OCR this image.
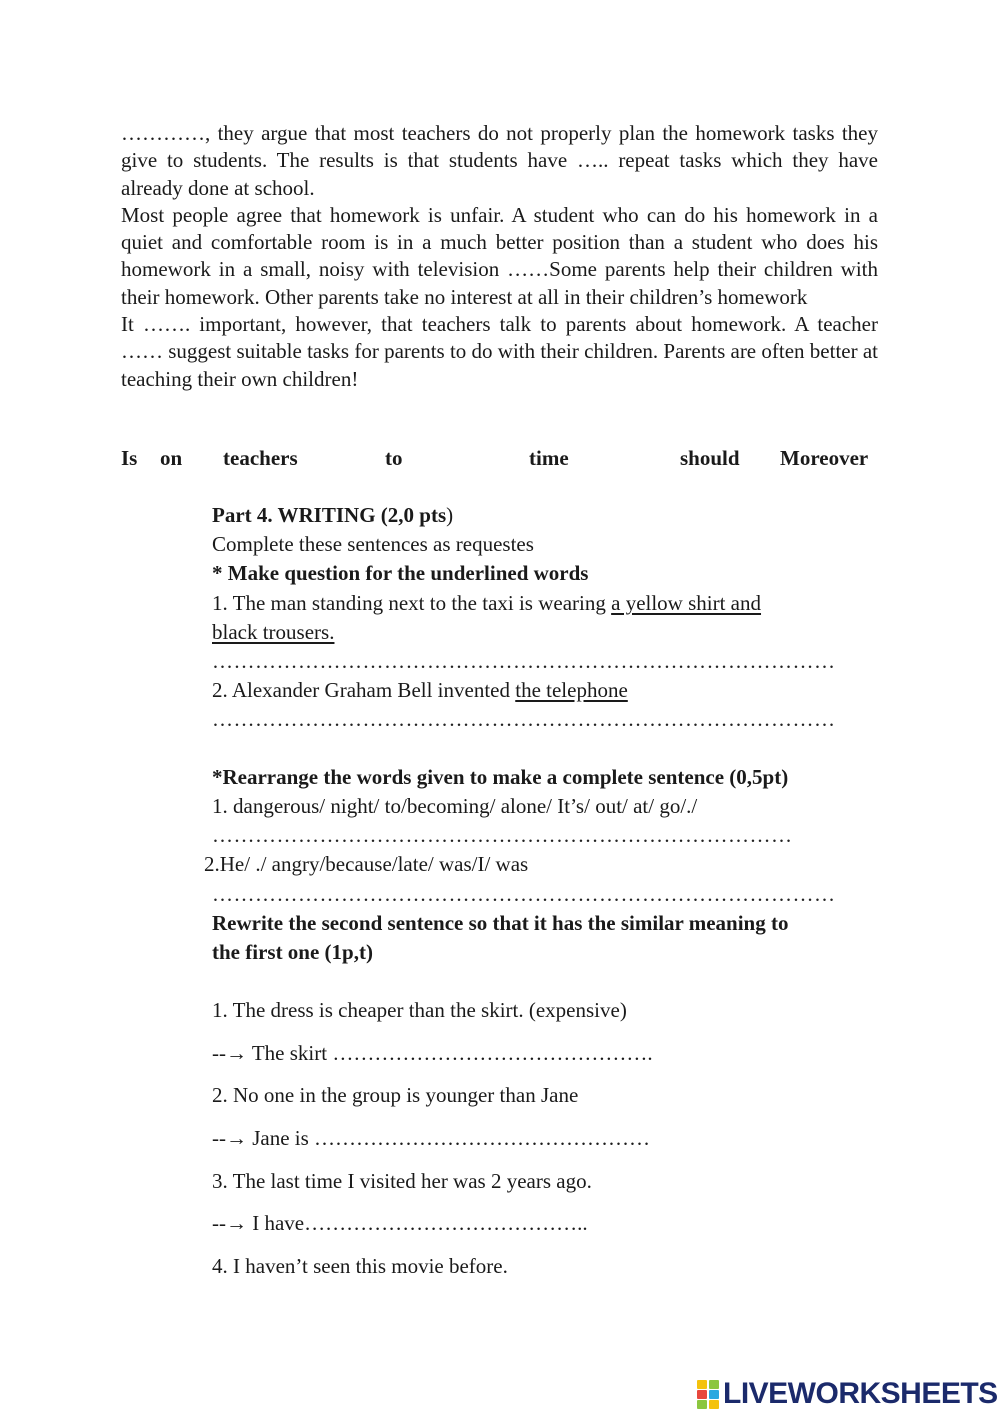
…………, they argue that most teachers do not properly plan the homework tasks they give to students. The results is that students have ….. repeat tasks which they have already done at school.

Most people agree that homework is unfair. A student who can do his homework in a quiet and comfortable room is in a much better position than a student who does his homework in a small, noisy with television ……Some parents help their children with their homework. Other parents take no interest at all in their children’s homework

It ……. important, however, that teachers talk to parents about homework. A teacher …… suggest suitable tasks for parents to do with their children. Parents are often better at teaching their own children!

Is on teachers	to	time	should Moreover
Part 4. WRITING (2,0 pts)
Complete these sentences as requestes
* Make question for the underlined words
1. The man standing next to the taxi is wearing a yellow shirt and
black trousers.
……………………………………………………………………………
2. Alexander Graham Bell invented the telephone
……………………………………………………………………………
*Rearrange the words given to make a complete sentence (0,5pt)
1. dangerous/ night/ to/becoming/ alone/ It’s/ out/ at/ go/./
………………………………………………………………………
2.He/ ./ angry/because/late/ was/I/ was
……………………………………………………………………………
Rewrite the second sentence so that it has the similar meaning to
the first one (1p,t)
1. The dress is cheaper than the skirt. (expensive)
--→ The skirt ……………………………………….
2. No one in the group is younger than Jane
--→ Jane is …………………………………………
3. The last time I visited her was 2 years ago.
--→ I have…………………………………..
4. I haven’t seen this movie before.
LIVEWORKSHEETS
